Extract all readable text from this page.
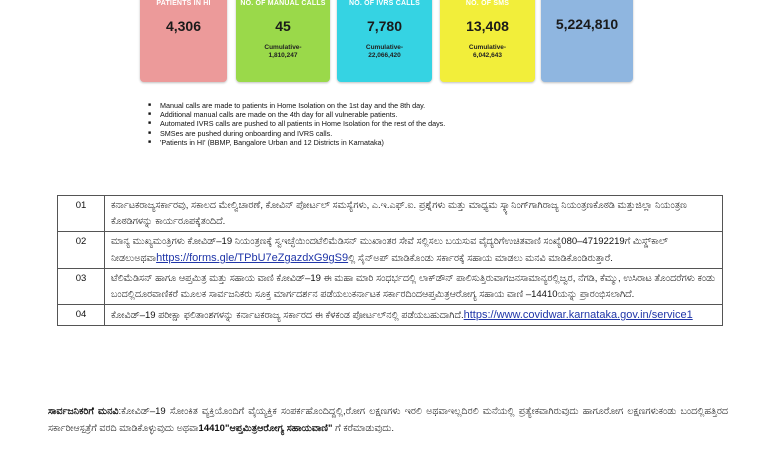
PATIENTS IN HI
4,306
NO. OF MANUAL CALLS
45
Cumulative-
1,810,247
NO. OF IVRS CALLS
7,780
Cumulative-
22,066,420
NO. OF SMS
13,408
Cumulative-
6,042,643
5,224,810
■ Manual calls are made to patients in Home Isolation on the 1st day and the 8th day.
■ Additional manual calls are made on the 4th day for all vulnerable patients.
■ Automated IVRS calls are pushed to all patients in Home Isolation for the rest of the days.
■ SMSes are pushed during onboarding and IVRS calls.
■ 'Patients in HI' (BBMP, Bangalore Urban and 12 Districts in Karnataka)
01	ಕರ್ನಾಟಕರಾಜ್ಯಸರ್ಕಾರವು, ಸಕಾಲದ ಮೇಲ್ವಿಚಾರಣೆ, ಕೋವಿನ್ ಪೋರ್ಟಲ್ ಸಮಸ್ಯೆಗಳು, ಎ.ಇ.ಎಫ್.ಐ. ಪ್ರಶ್ನೆಗಳು ಮತ್ತು ಮಾಧ್ಯಮ ಸ್ಕ್ಯಾನಿಂಗ್‌ಗಾಗಿರಾಜ್ಯ ನಿಯಂತ್ರಣಕೊಠಡಿ ಮತ್ತುಜಿಲ್ಲಾ ನಿಯಂತ್ರಣ ಕೊಠಡಿಗಳನ್ನು ಕಾರ್ಯರೂಪಕ್ಕೆತಂದಿದೆ.
02	ಮಾನ್ಯ ಮುಖ್ಯಮಂತ್ರಿಗಳು ಕೋವಿಡ್–19 ನಿಯಂತ್ರಣಕ್ಕೆ ಸ್ವಇಚ್ಛೆಯಿಂದಟೆಲಿಮೆಡಿಸನ್ ಮುಖಾಂತರ ಸೇವೆ ಸಲ್ಲಿಸಲು ಬಯಸುವ ವೈದ್ಯರಿಗೆಉಚಿತವಾಣಿ ಸಂಖ್ಯೆ080–47192219ಗೆ ಮಿಸ್ಡ್‌ಕಾಲ್ ನೀಡಲುಅಥವಾhttps://forms.gle/TPbU7eZgazdxG9gS9ಲ್ಲಿ ಸೈನ್‌ಅಪ್ ಮಾಡಿಕೊಂಡು ಸರ್ಕಾರಕ್ಕೆ ಸಹಾಯ ಮಾಡಲು ಮನವಿ ಮಾಡಿಕೊಂಡಿರುತ್ತಾರೆ.
03	ಟೆಲಿಮೆಡಿಸನ್ ಹಾಗೂ ಆಪ್ತಮಿತ್ರ ಮತ್ತು ಸಹಾಯ ವಾಣಿ ಕೋವಿಡ್–19 ಈ ಮಹಾ ಮಾರಿ ಸಂಧರ್ಭದಲ್ಲಿ ಲಾಕ್‌ಡೌನ್ ಪಾಲಿಸುತ್ತಿರುವಾಗಜನಸಾಮಾನ್ಯರಲ್ಲಿಜ್ವರ, ನೆಗಡಿ, ಕೆಮ್ಮು, ಉಸಿರಾಟ ತೊಂದರೆಗಳು ಕಂಡು ಬಂದಲ್ಲಿದೂರವಾಣಿಕರೆ ಮೂಲಕ ಸಾರ್ವಜನಿಕರು ಸೂಕ್ತ ಮಾರ್ಗದರ್ಶನ ಪಡೆಯಲುಕರ್ನಾಟಕ ಸರ್ಕಾರದಿಂದಆಪ್ತಮಿತ್ರಆರೋಗ್ಯ ಸಹಾಯ ವಾಣಿ –14410ಯನ್ನು ಪ್ರಾರಂಭಿಸಲಾಗಿದೆ.
04	ಕೋವಿಡ್–19 ಪರೀಕ್ಷಾ ಫಲಿತಾಂಶಗಳನ್ನು ಕರ್ನಾಟಕರಾಜ್ಯ ಸರ್ಕಾರದ ಈ ಕೆಳಕಂಡ ಪೋರ್ಟಲ್‌ನಲ್ಲಿ ಪಡೆಯಬಹುದಾಗಿದೆ.https://www.covidwar.karnataka.gov.in/service1
ಸಾರ್ವಜನಿಕರಿಗೆ ಮನವಿ:ಕೋವಿಡ್–19 ಸೋಂಕಿತ ವ್ಯಕ್ತಿಯೊಂದಿಗೆ ವೈಯ್ಯಕ್ತಿಕ ಸಂಪರ್ಕಹೊಂದಿದ್ದಲ್ಲಿ,ರೋಗ ಲಕ್ಷಣಗಳು ಇರಲಿ ಅಥವಾಇಲ್ಲದಿರಲಿ ಮನೆಯಲ್ಲಿ ಪ್ರತ್ಯೇಕವಾಗಿರುವುದು ಹಾಗೂರೋಗ ಲಕ್ಷಣಗಳುಕಂಡು ಬಂದಲ್ಲಿಹತ್ತಿರದ ಸರ್ಕಾರೀಆಸ್ಪತ್ರೆಗೆ ವರದಿ ಮಾಡಿಕೊಳ್ಳುವುದು ಅಥವಾ14410"ಆಪ್ತಮಿತ್ರಆರೋಗ್ಯ ಸಹಾಯವಾಣಿ" ಗೆ ಕರೆಮಾಡುವುದು.
